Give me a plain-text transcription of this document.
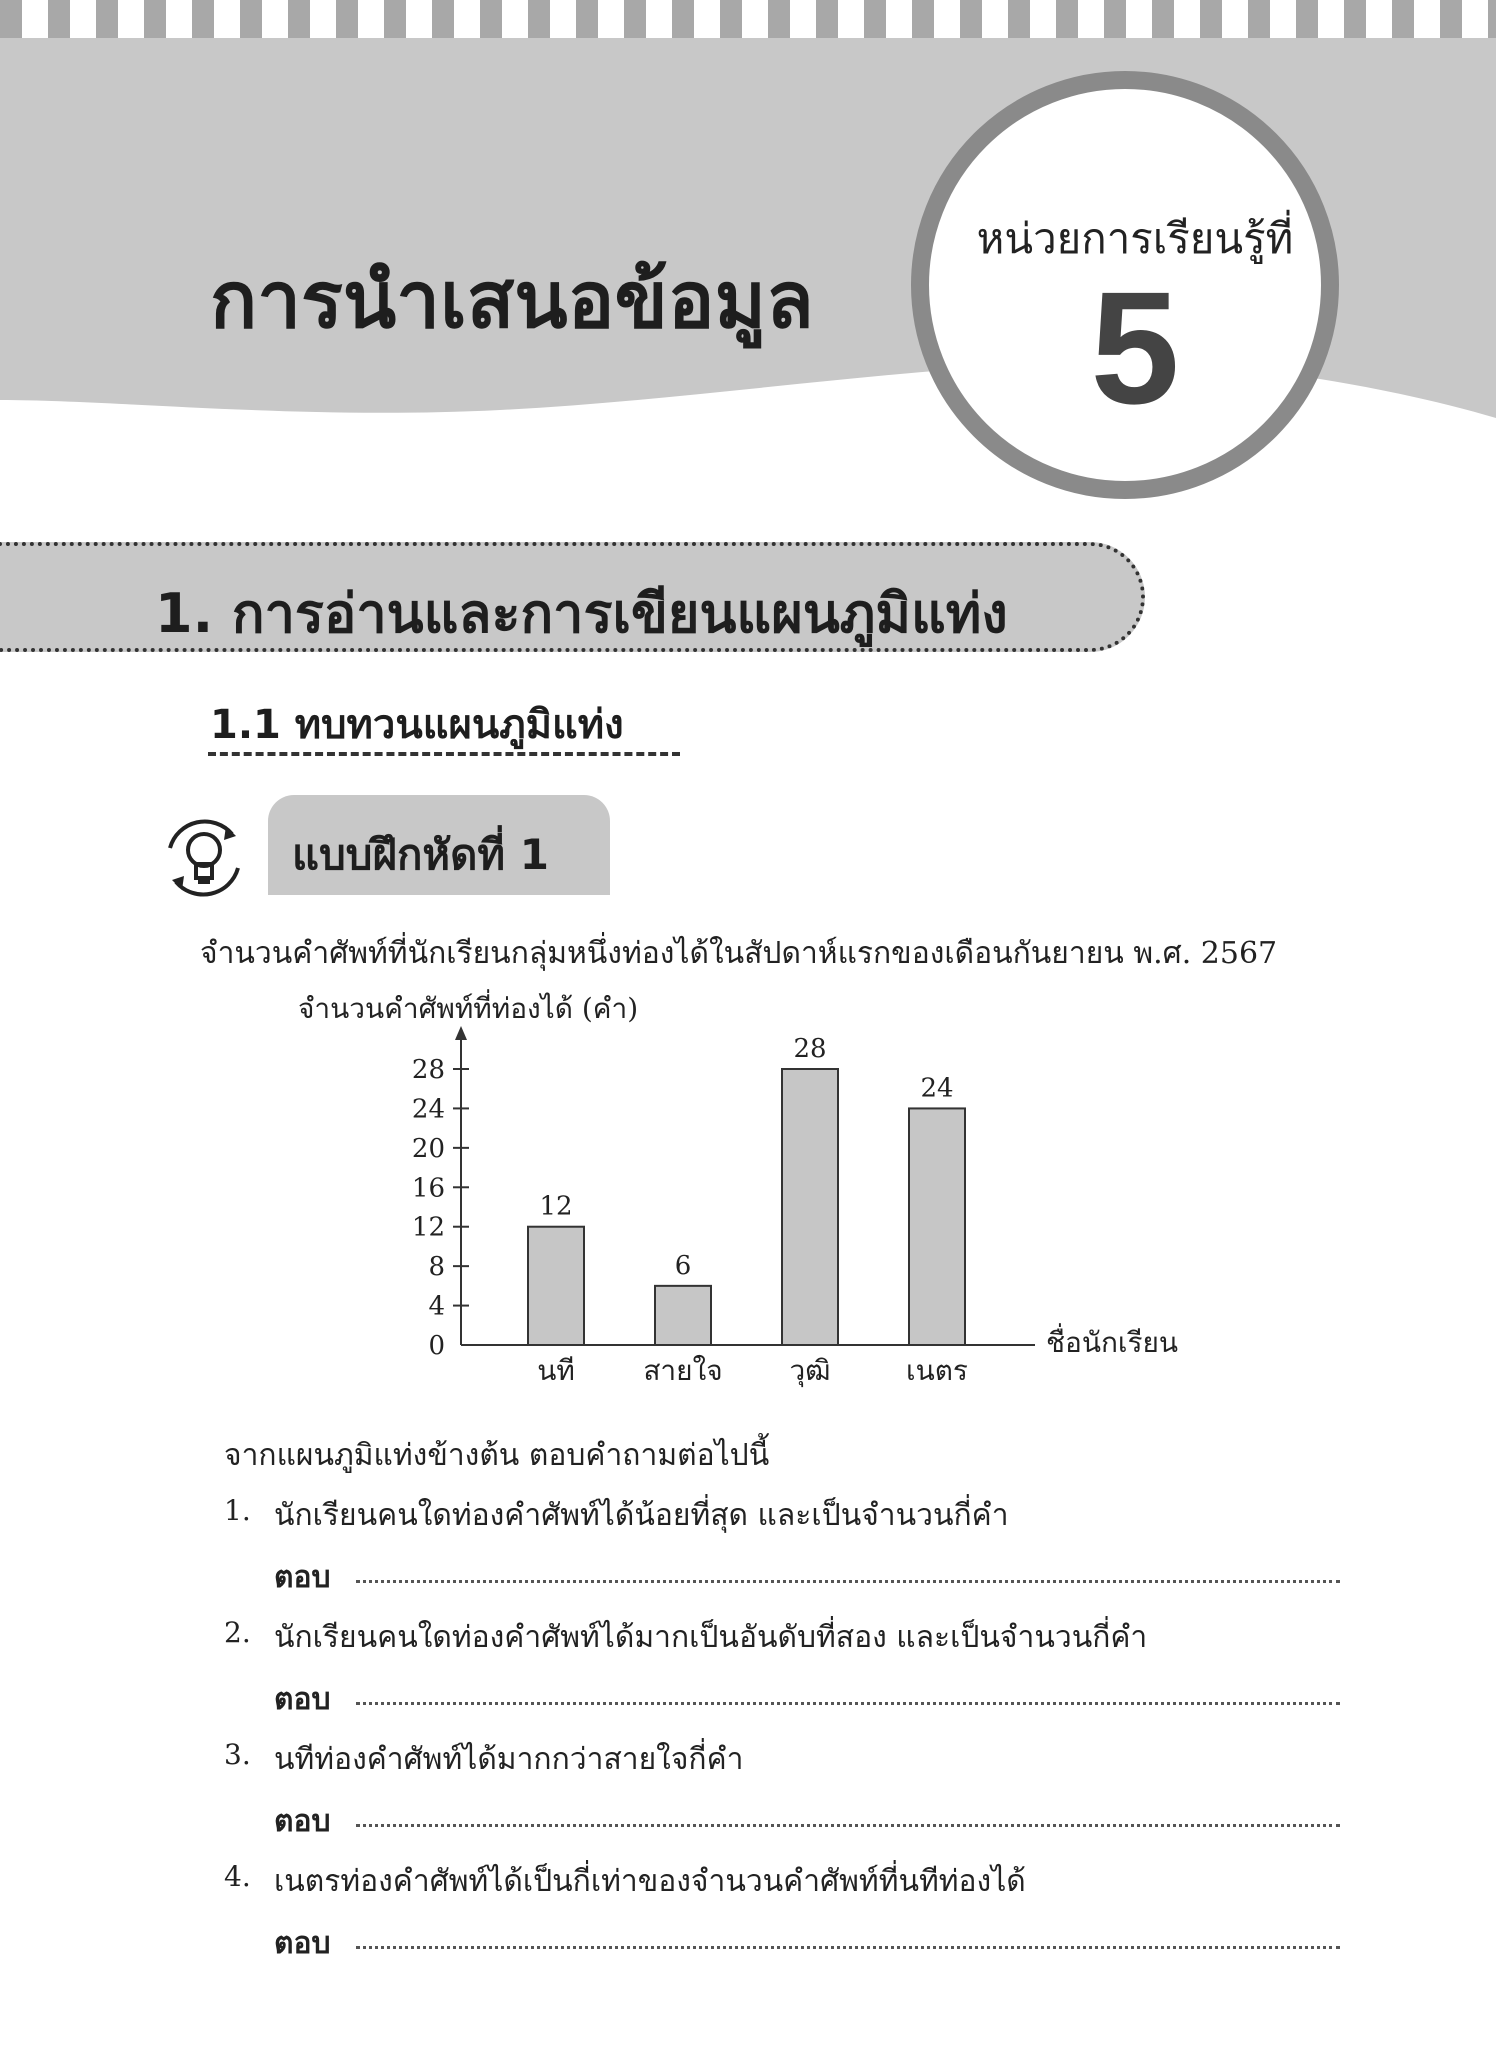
การนำเสนอข้อมูล
หน่วยการเรียนรู้ที่
5
1. การอ่านและการเขียนแผนภูมิแท่ง
1.1 ทบทวนแผนภูมิแท่ง
แบบฝึกหัดที่ 1
จำนวนคำศัพท์ที่นักเรียนกลุ่มหนึ่งท่องได้ในสัปดาห์แรกของเดือนกันยายน พ.ศ. 2567
จำนวนคำศัพท์ที่ท่องได้ (คำ)
ชื่อนักเรียน
0
4
8
12
16
20
24
28
12
นที
6
สายใจ
28
วุฒิ
24
เนตร
จากแผนภูมิแท่งข้างต้น ตอบคำถามต่อไปนี้
1. นักเรียนคนใดท่องคำศัพท์ได้น้อยที่สุด และเป็นจำนวนกี่คำ
ตอบ
2. นักเรียนคนใดท่องคำศัพท์ได้มากเป็นอันดับที่สอง และเป็นจำนวนกี่คำ
ตอบ
3. นทีท่องคำศัพท์ได้มากกว่าสายใจกี่คำ
ตอบ
4. เนตรท่องคำศัพท์ได้เป็นกี่เท่าของจำนวนคำศัพท์ที่นทีท่องได้
ตอบ
